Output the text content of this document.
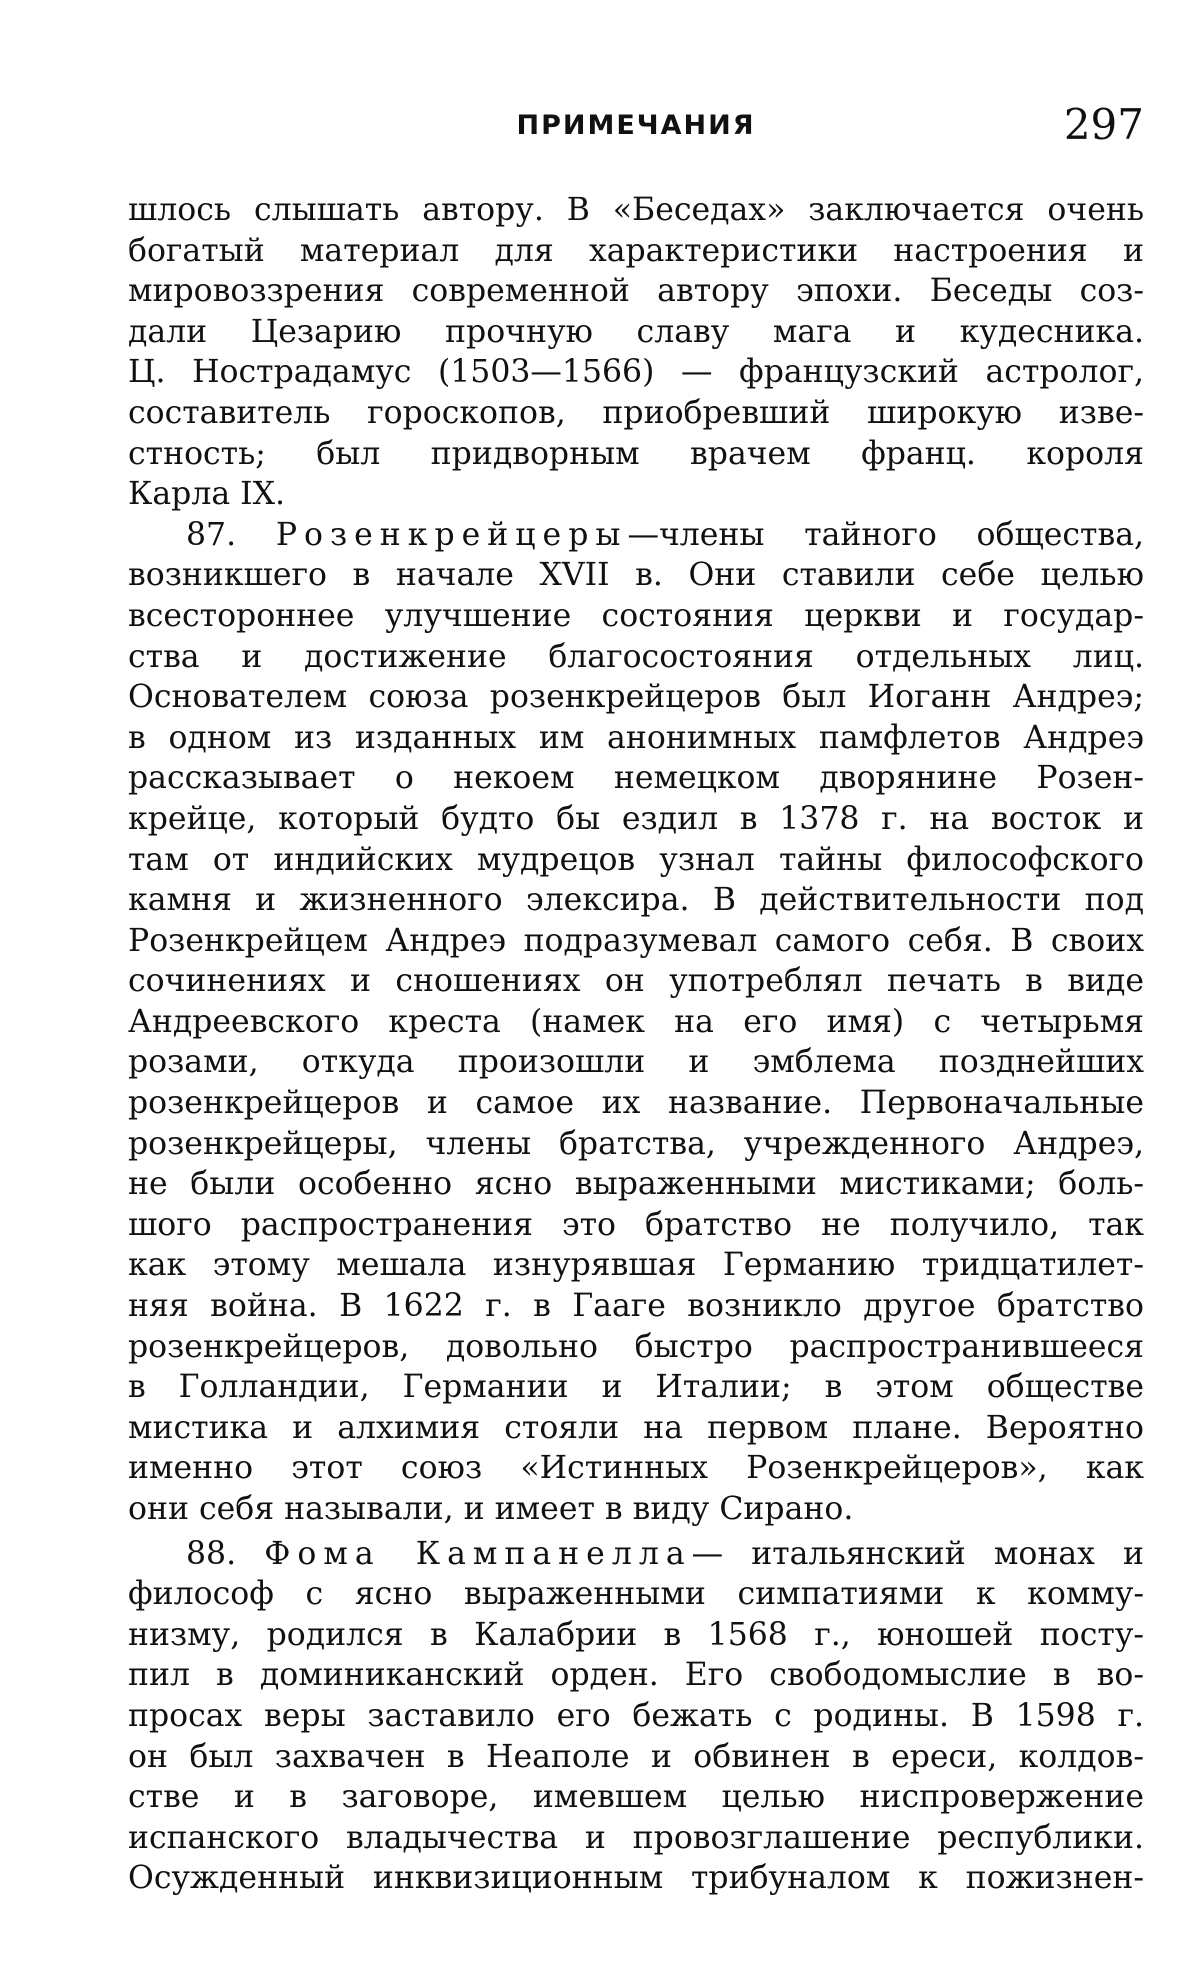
ПРИМЕЧАНИЯ	297
шлось слышать автору. В «Беседах» заключается очень
богатый материал для характеристики настроения и
мировоззрения современной автору эпохи. Беседы соз-
дали Цезарию прочную славу мага и кудесника.
Ц. Нострадамус (1503—1566) — французский астролог,
составитель гороскопов, приобревший широкую изве-
стность; был придворным врачем франц. короля
Карла IX.
87. Розенкрейцеры—члены тайного общества,
возникшего в начале XVII в. Они ставили себе целью
всестороннее улучшение состояния церкви и государ-
ства и достижение благосостояния отдельных лиц.
Основателем союза розенкрейцеров был Иоганн Андреэ;
в одном из изданных им анонимных памфлетов Андреэ
рассказывает о некоем немецком дворянине Розен-
крейце, который будто бы ездил в 1378 г. на восток и
там от индийских мудрецов узнал тайны философского
камня и жизненного элексира. В действительности под
Розенкрейцем Андреэ подразумевал самого себя. В своих
сочинениях и сношениях он употреблял печать в виде
Андреевского креста (намек на его имя) с четырьмя
розами, откуда произошли и эмблема позднейших
розенкрейцеров и самое их название. Первоначальные
розенкрейцеры, члены братства, учрежденного Андреэ,
не были особенно ясно выраженными мистиками; боль-
шого распространения это братство не получило, так
как этому мешала изнурявшая Германию тридцатилет-
няя война. В 1622 г. в Гааге возникло другое братство
розенкрейцеров, довольно быстро распространившееся
в Голландии, Германии и Италии; в этом обществе
мистика и алхимия стояли на первом плане. Вероятно
именно этот союз «Истинных Розенкрейцеров», как
они себя называли, и имеет в виду Сирано.
88. Фома Кампанелла— итальянский монах и
философ с ясно выраженными симпатиями к комму-
низму, родился в Калабрии в 1568 г., юношей посту-
пил в доминиканский орден. Его свободомыслие в во-
просах веры заставило его бежать с родины. В 1598 г.
он был захвачен в Неаполе и обвинен в ереси, колдов-
стве и в заговоре, имевшем целью ниспровержение
испанского владычества и провозглашение республики.
Осужденный инквизиционным трибуналом к пожизнен-
